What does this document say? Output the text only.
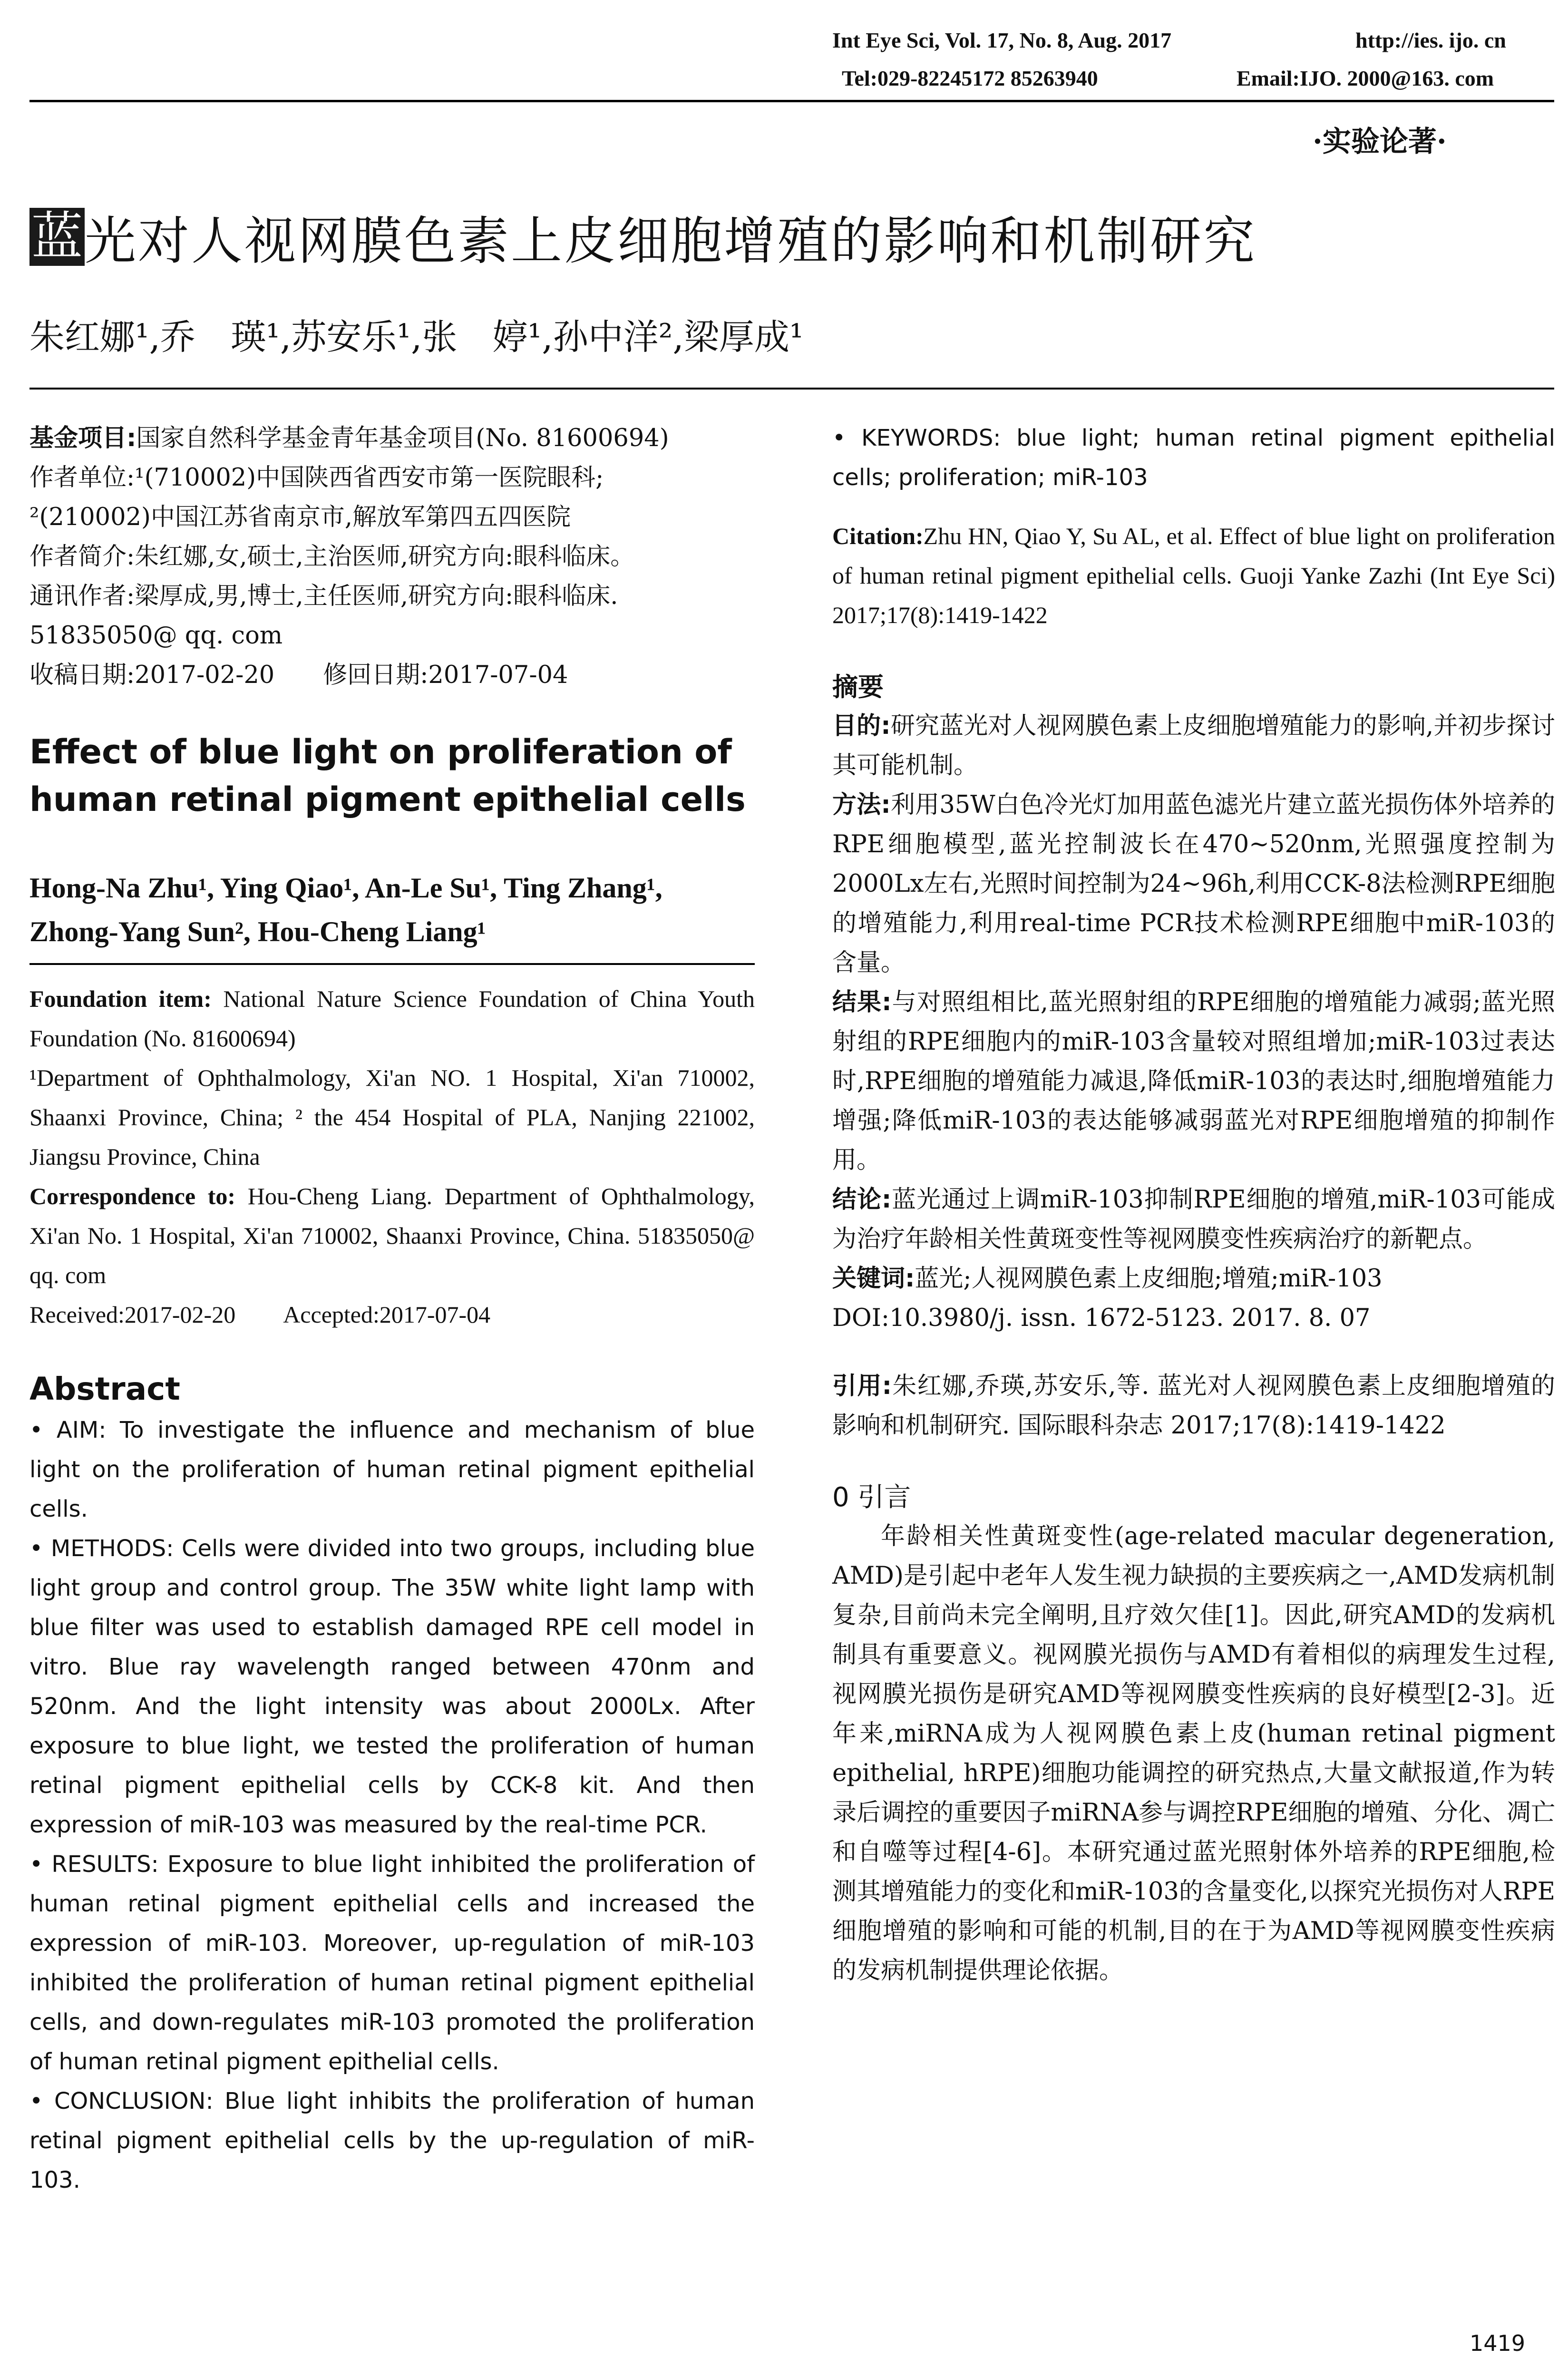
Int Eye Sci, Vol. 17, No. 8, Aug. 2017	http://ies. ijo. cn
Tel:029-82245172 85263940	Email:IJO. 2000@163. com
·实验论著·
蓝 光对人视网膜色素上皮细胞增殖的影响和机制研究
朱红娜¹,乔　瑛¹,苏安乐¹,张　婷¹,孙中洋²,梁厚成¹
基金项目:国家自然科学基金青年基金项目(No. 81600694)
作者单位:¹(710002)中国陕西省西安市第一医院眼科;
²(210002)中国江苏省南京市,解放军第四五四医院
作者简介:朱红娜,女,硕士,主治医师,研究方向:眼科临床。
通讯作者:梁厚成,男,博士,主任医师,研究方向:眼科临床.
51835050@ qq. com
收稿日期:2017-02-20　　修回日期:2017-07-04
Effect of blue light on proliferation of human retinal pigment epithelial cells
Hong-Na Zhu¹, Ying Qiao¹, An-Le Su¹, Ting Zhang¹, Zhong-Yang Sun², Hou-Cheng Liang¹
Foundation item: National Nature Science Foundation of China Youth Foundation (No. 81600694)
¹Department of Ophthalmology, Xi'an NO. 1 Hospital, Xi'an 710002, Shaanxi Province, China; ² the 454 Hospital of PLA, Nanjing 221002, Jiangsu Province, China
Correspondence to: Hou-Cheng Liang. Department of Ophthalmology, Xi'an No. 1 Hospital, Xi'an 710002, Shaanxi Province, China. 51835050@ qq. com
Received:2017-02-20　　Accepted:2017-07-04
Abstract
• AIM: To investigate the influence and mechanism of blue light on the proliferation of human retinal pigment epithelial cells.
• METHODS: Cells were divided into two groups, including blue light group and control group. The 35W white light lamp with blue filter was used to establish damaged RPE cell model in vitro. Blue ray wavelength ranged between 470nm and 520nm. And the light intensity was about 2000Lx. After exposure to blue light, we tested the proliferation of human retinal pigment epithelial cells by CCK-8 kit. And then expression of miR-103 was measured by the real-time PCR.
• RESULTS: Exposure to blue light inhibited the proliferation of human retinal pigment epithelial cells and increased the expression of miR-103. Moreover, up-regulation of miR-103 inhibited the proliferation of human retinal pigment epithelial cells, and down-regulates miR-103 promoted the proliferation of human retinal pigment epithelial cells.
• CONCLUSION: Blue light inhibits the proliferation of human retinal pigment epithelial cells by the up-regulation of miR-103.
• KEYWORDS: blue light; human retinal pigment epithelial cells; proliferation; miR-103
Citation:Zhu HN, Qiao Y, Su AL, et al. Effect of blue light on proliferation of human retinal pigment epithelial cells. Guoji Yanke Zazhi (Int Eye Sci) 2017;17(8):1419-1422
摘要
目的:研究蓝光对人视网膜色素上皮细胞增殖能力的影响,并初步探讨其可能机制。
方法:利用35W白色冷光灯加用蓝色滤光片建立蓝光损伤体外培养的RPE细胞模型,蓝光控制波长在470~520nm,光照强度控制为2000Lx左右,光照时间控制为24~96h,利用CCK-8法检测RPE细胞的增殖能力,利用real-time PCR技术检测RPE细胞中miR-103的含量。
结果:与对照组相比,蓝光照射组的RPE细胞的增殖能力减弱;蓝光照射组的RPE细胞内的miR-103含量较对照组增加;miR-103过表达时,RPE细胞的增殖能力减退,降低miR-103的表达时,细胞增殖能力增强;降低miR-103的表达能够减弱蓝光对RPE细胞增殖的抑制作用。
结论:蓝光通过上调miR-103抑制RPE细胞的增殖,miR-103可能成为治疗年龄相关性黄斑变性等视网膜变性疾病治疗的新靶点。
关键词:蓝光;人视网膜色素上皮细胞;增殖;miR-103
DOI:10.3980/j. issn. 1672-5123. 2017. 8. 07
引用:朱红娜,乔瑛,苏安乐,等. 蓝光对人视网膜色素上皮细胞增殖的影响和机制研究. 国际眼科杂志 2017;17(8):1419-1422
0 引言
年龄相关性黄斑变性(age-related macular degeneration, AMD)是引起中老年人发生视力缺损的主要疾病之一,AMD发病机制复杂,目前尚未完全阐明,且疗效欠佳[1]。因此,研究AMD的发病机制具有重要意义。视网膜光损伤与AMD有着相似的病理发生过程,视网膜光损伤是研究AMD等视网膜变性疾病的良好模型[2-3]。近年来,miRNA成为人视网膜色素上皮(human retinal pigment epithelial, hRPE)细胞功能调控的研究热点,大量文献报道,作为转录后调控的重要因子miRNA参与调控RPE细胞的增殖、分化、凋亡和自噬等过程[4-6]。本研究通过蓝光照射体外培养的RPE细胞,检测其增殖能力的变化和miR-103的含量变化,以探究光损伤对人RPE细胞增殖的影响和可能的机制,目的在于为AMD等视网膜变性疾病的发病机制提供理论依据。
1419
